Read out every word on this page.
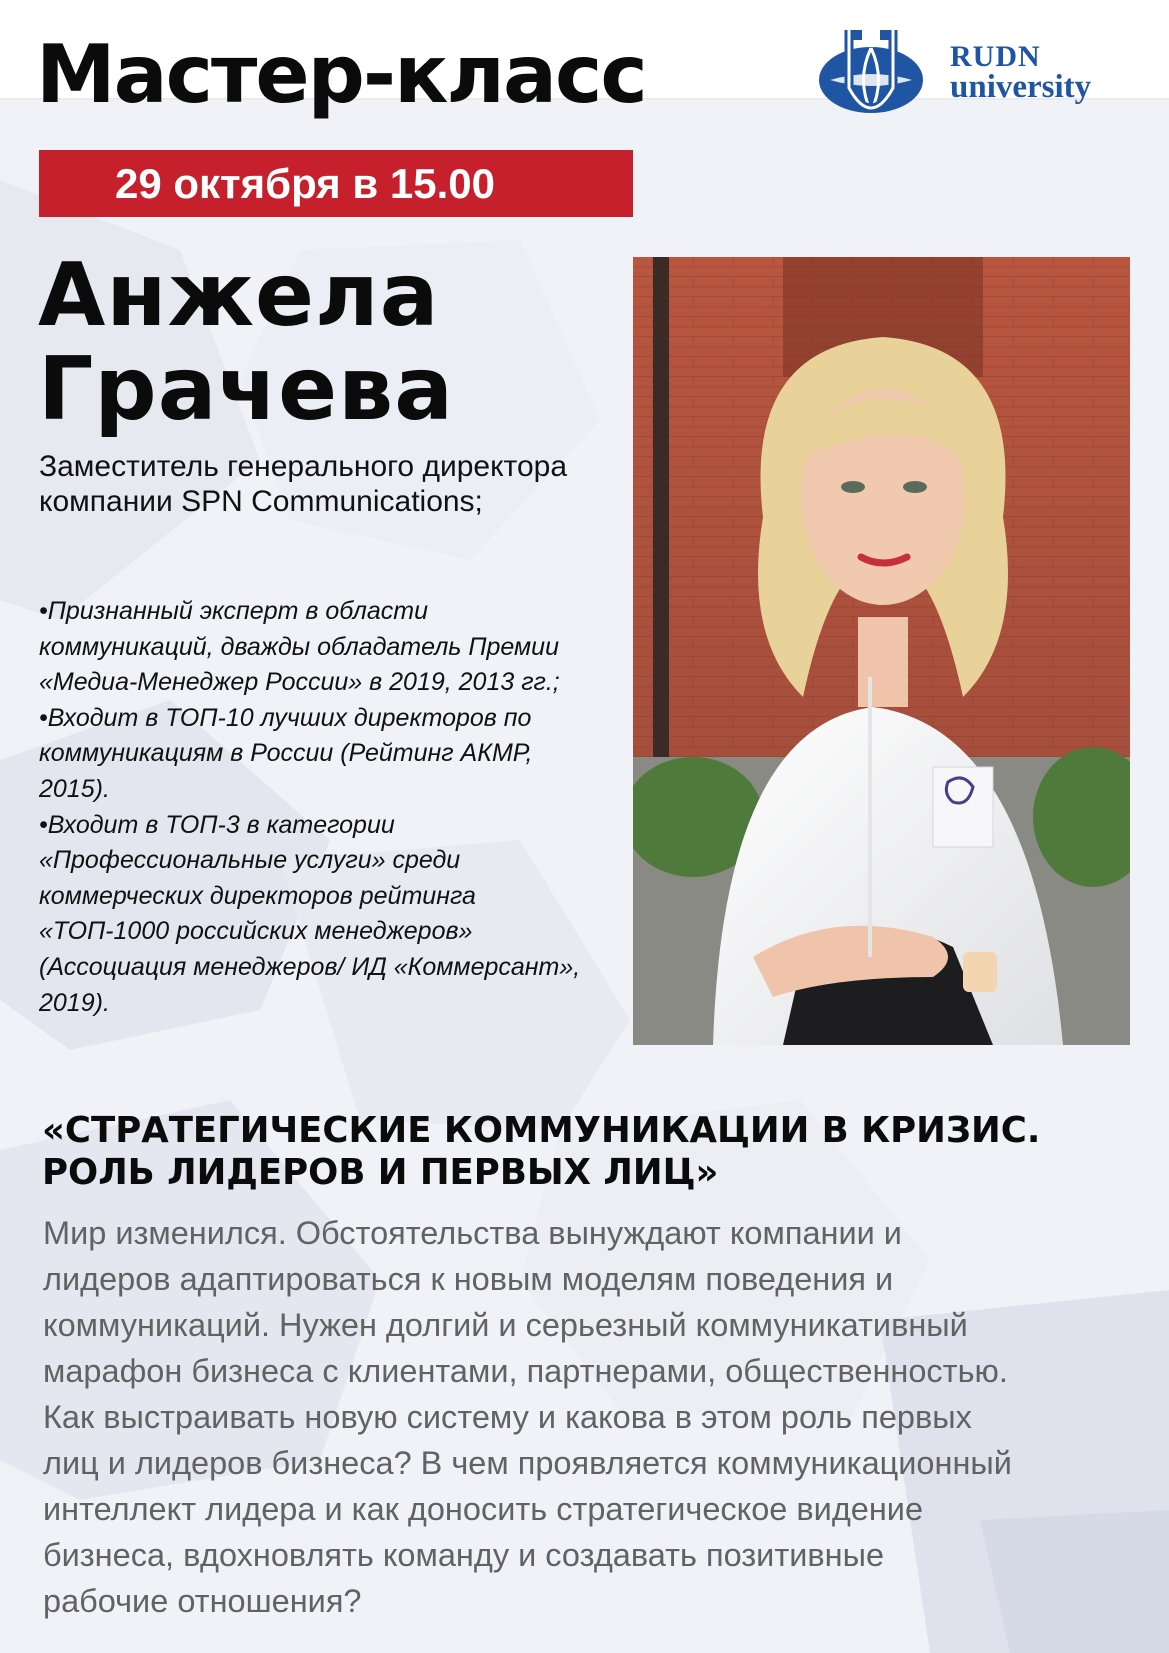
Мастер-класс	RUDN
university
29 октября в 15.00
Анжела
Грачева
Заместитель генерального директора компании SPN Communications;

•Признанный эксперт в области коммуникаций, дважды обладатель Премии «Медиа-Менеджер России» в 2019, 2013 гг.;

•Входит в ТОП-10 лучших директоров по коммуникациям в России (Рейтинг АКМР, 2015).

•Входит в ТОП-3 в категории «Профессиональные услуги» среди коммерческих директоров рейтинга «ТОП-1000 российских менеджеров» (Ассоциация менеджеров/ ИД «Коммерсант», 2019).

«СТРАТЕГИЧЕСКИЕ КОММУНИКАЦИИ В КРИЗИС.
РОЛЬ ЛИДЕРОВ И ПЕРВЫХ ЛИЦ»

Мир изменился. Обстоятельства вынуждают компании и
лидеров адаптироваться к новым моделям поведения и
коммуникаций. Нужен долгий и серьезный коммуникативный
марафон бизнеса с клиентами, партнерами, общественностью.
Как выстраивать новую систему и какова в этом роль первых
лиц и лидеров бизнеса? В чем проявляется коммуникационный
интеллект лидера и как доносить стратегическое видение
бизнеса, вдохновлять команду и создавать позитивные
рабочие отношения?
